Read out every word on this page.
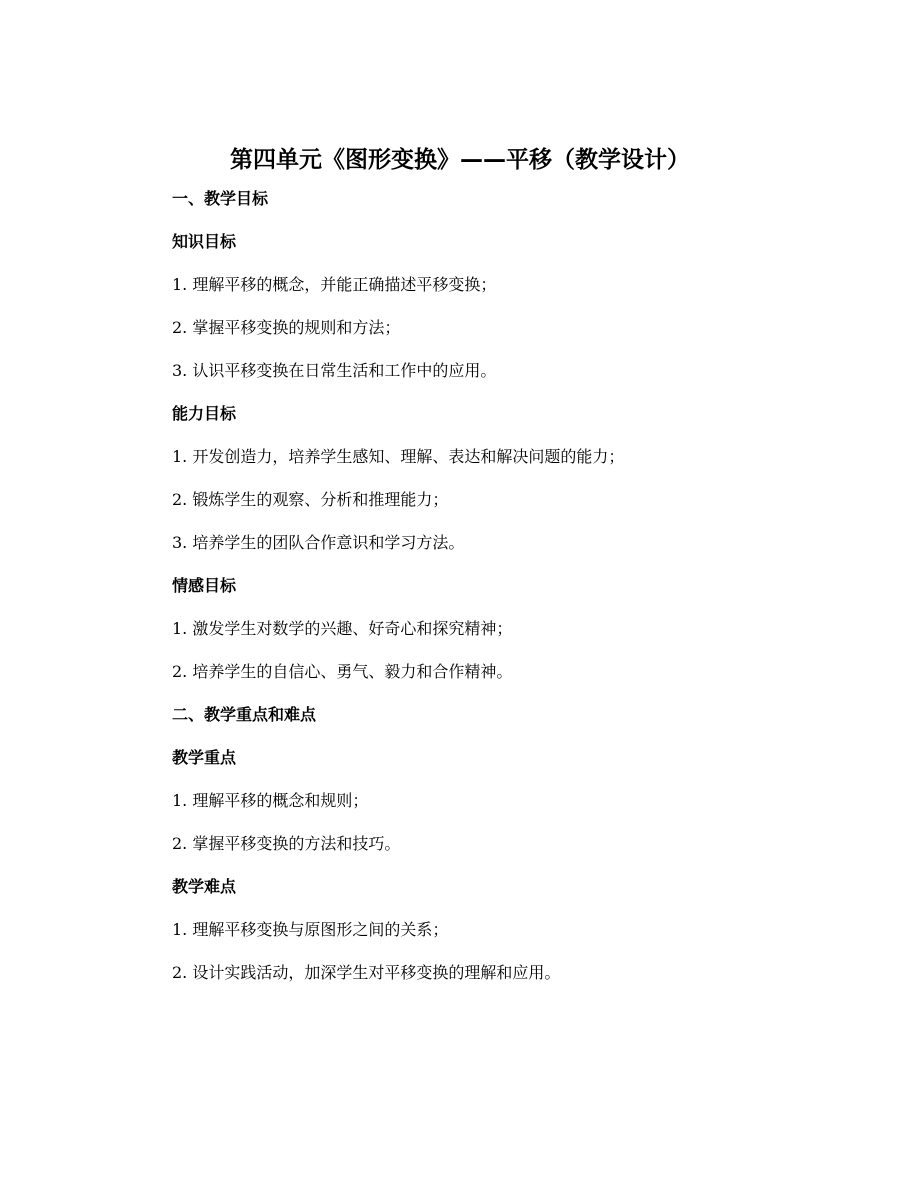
第四单元《图形变换》——平移（教学设计）
一、教学目标
知识目标
1. 理解平移的概念，并能正确描述平移变换；
2. 掌握平移变换的规则和方法；
3. 认识平移变换在日常生活和工作中的应用。
能力目标
1. 开发创造力，培养学生感知、理解、表达和解决问题的能力；
2. 锻炼学生的观察、分析和推理能力；
3. 培养学生的团队合作意识和学习方法。
情感目标
1. 激发学生对数学的兴趣、好奇心和探究精神；
2. 培养学生的自信心、勇气、毅力和合作精神。
二、教学重点和难点
教学重点
1. 理解平移的概念和规则；
2. 掌握平移变换的方法和技巧。
教学难点
1. 理解平移变换与原图形之间的关系；
2. 设计实践活动，加深学生对平移变换的理解和应用。
